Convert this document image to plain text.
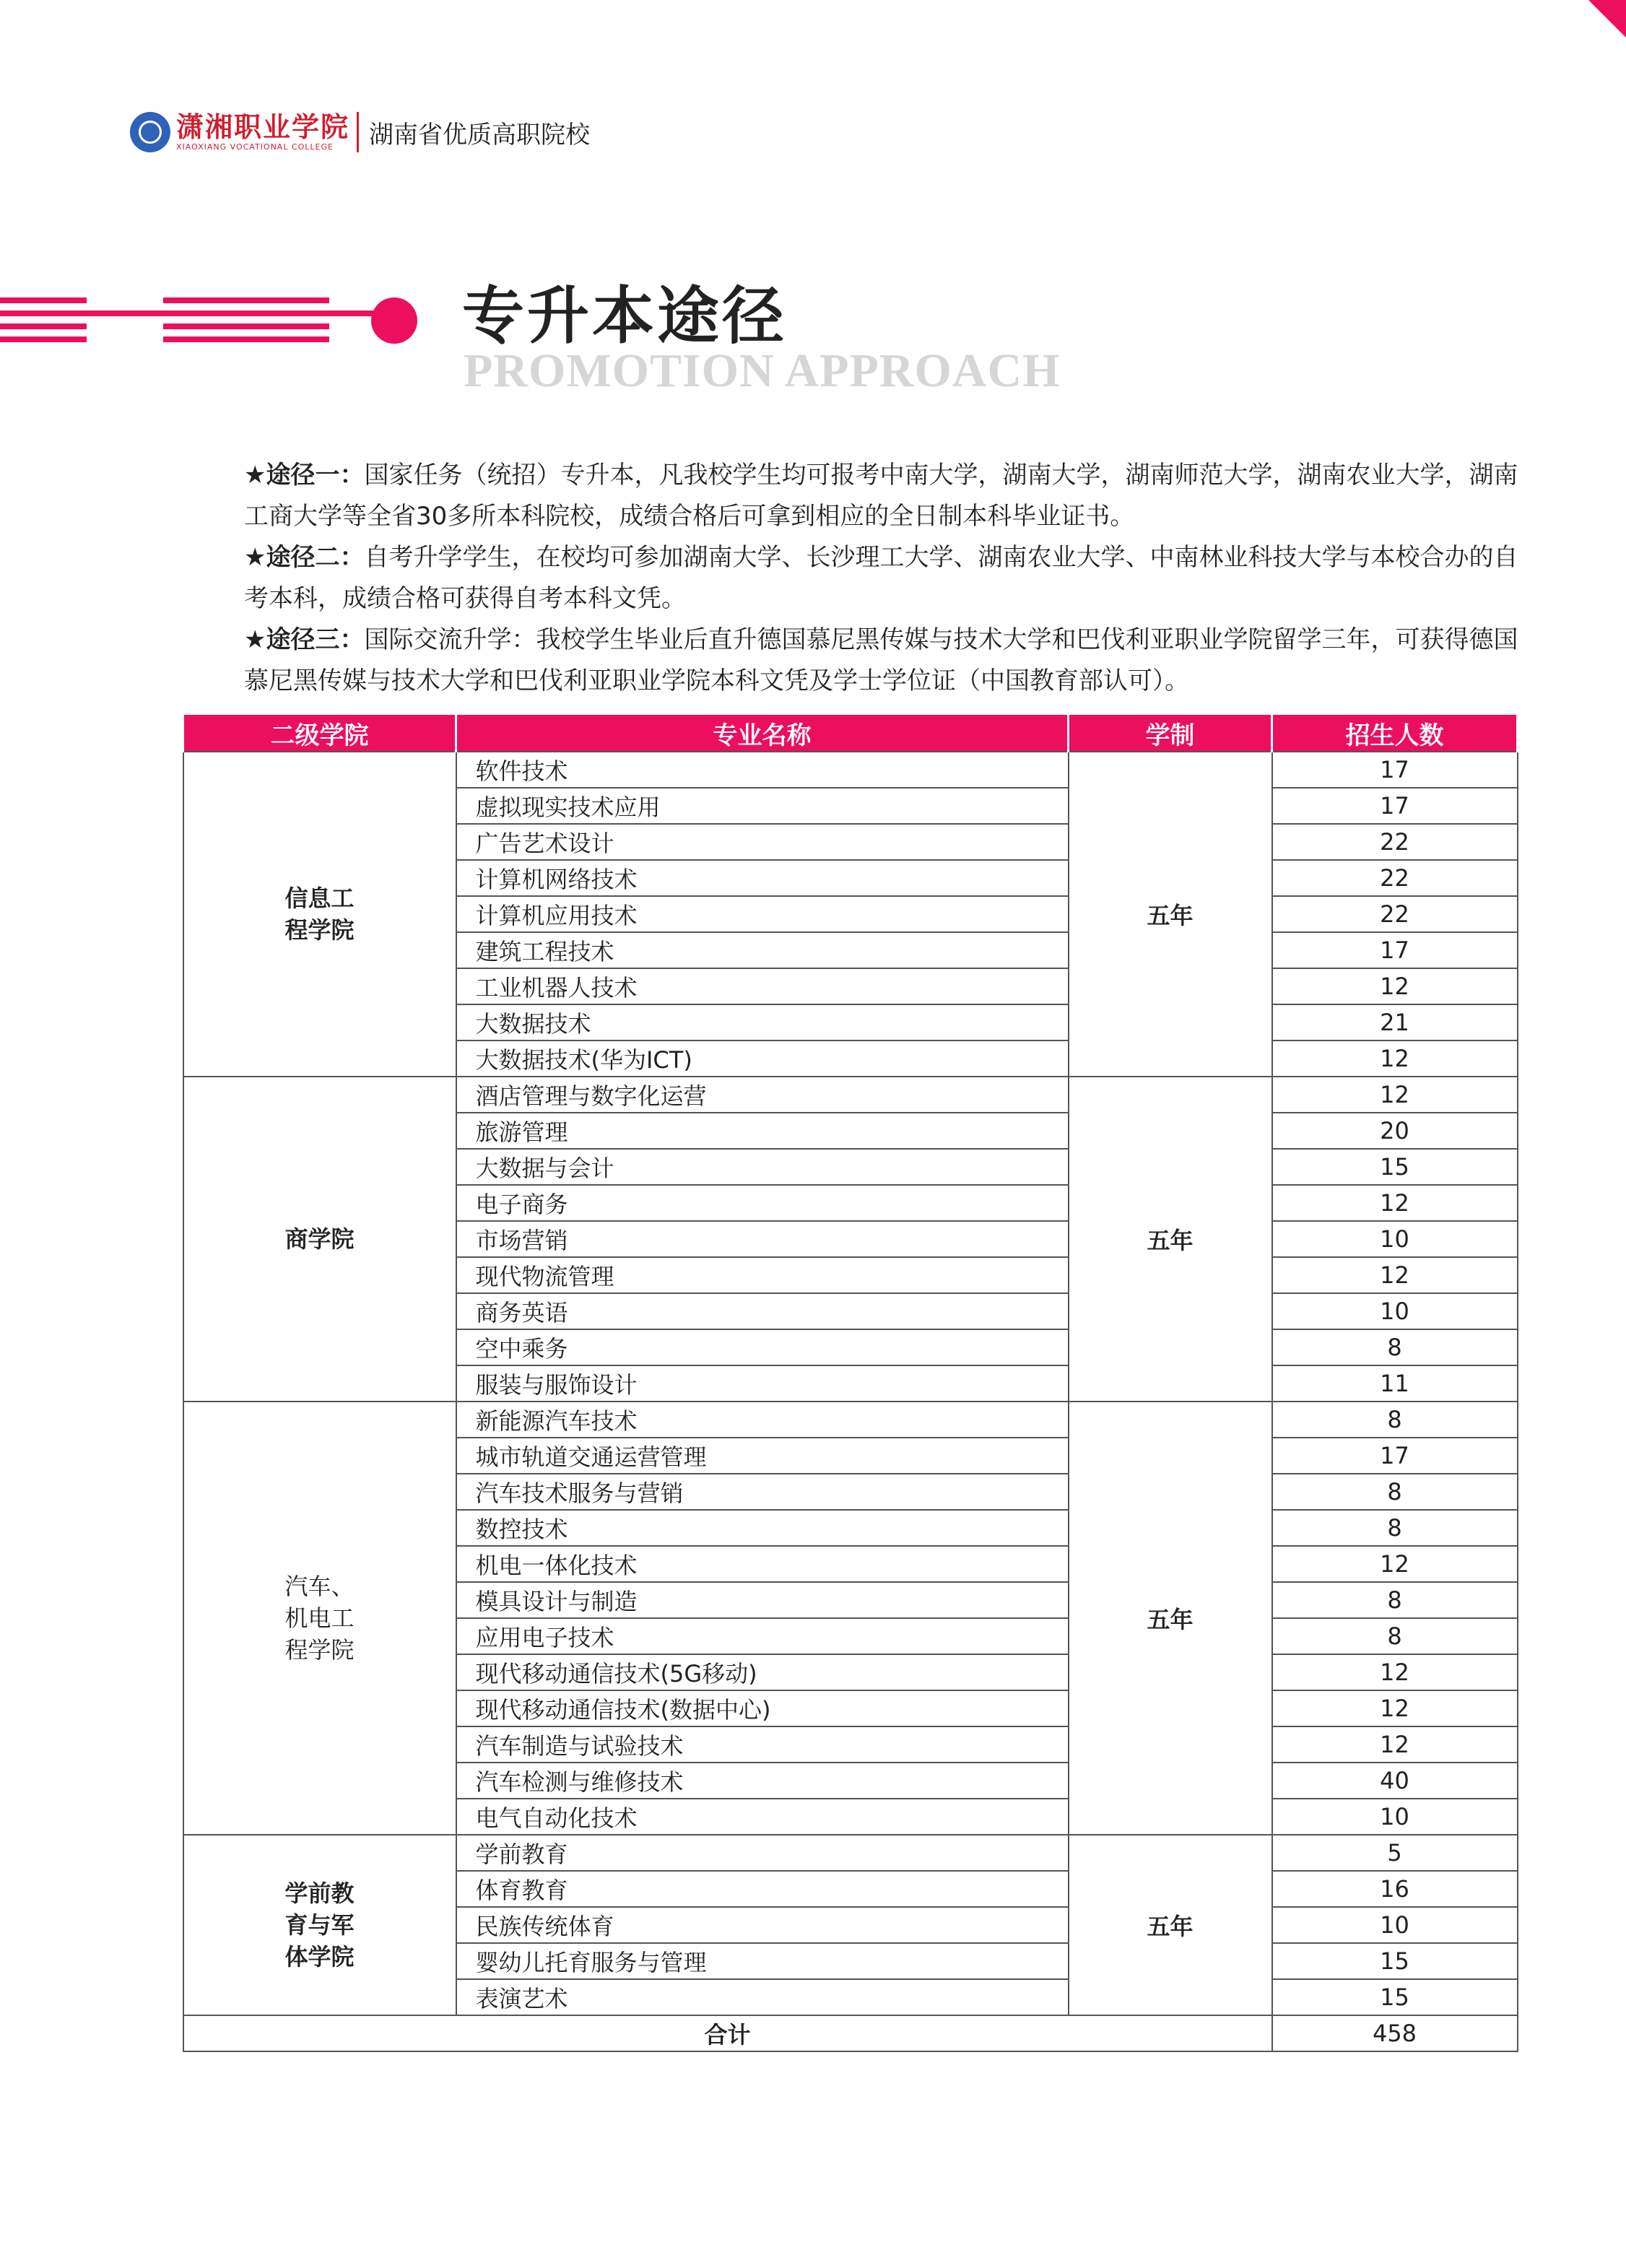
潇湘职业学院
XIAOXIANG VOCATIONAL COLLEGE	湖南省优质高职院校
专升本途径
PROMOTION APPROACH

★途径一：国家任务（统招）专升本，凡我校学生均可报考中南大学，湖南大学，湖南师范大学，湖南农业大学，湖南工商大学等全省30多所本科院校，成绩合格后可拿到相应的全日制本科毕业证书。

★途径二：自考升学学生，在校均可参加湖南大学、长沙理工大学、湖南农业大学、中南林业科技大学与本校合办的自考本科，成绩合格可获得自考本科文凭。

★途径三：国际交流升学：我校学生毕业后直升德国慕尼黑传媒与技术大学和巴伐利亚职业学院留学三年，可获得德国慕尼黑传媒与技术大学和巴伐利亚职业学院本科文凭及学士学位证（中国教育部认可）。

二级学院	专业名称	学制	招生人数
信息工
程学院	软件技术	五年	17
	虚拟现实技术应用		17
	广告艺术设计		22
	计算机网络技术		22
	计算机应用技术		22
	建筑工程技术		17
	工业机器人技术		12
	大数据技术		21
	大数据技术(华为ICT)		12
商学院	酒店管理与数字化运营	五年	12
	旅游管理		20
	大数据与会计		15
	电子商务		12
	市场营销		10
	现代物流管理		12
	商务英语		10
	空中乘务		8
	服装与服饰设计		11
汽车、
机电工
程学院	新能源汽车技术	五年	8
	城市轨道交通运营管理		17
	汽车技术服务与营销		8
	数控技术		8
	机电一体化技术		12
	模具设计与制造		8
	应用电子技术		8
	现代移动通信技术(5G移动)		12
	现代移动通信技术(数据中心)		12
	汽车制造与试验技术		12
	汽车检测与维修技术		40
	电气自动化技术		10
学前教
育与军
体学院	学前教育	五年	5
	体育教育		16
	民族传统体育		10
	婴幼儿托育服务与管理		15
	表演艺术		15
合计			458
